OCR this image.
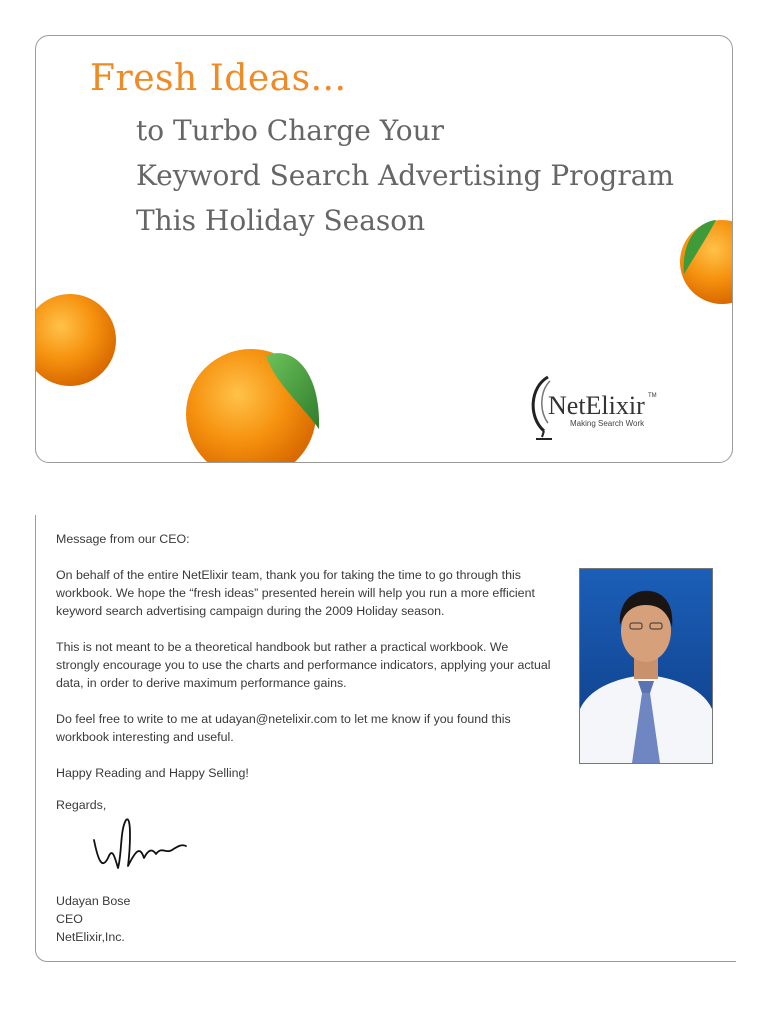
Fresh Ideas...
to Turbo Charge Your
Keyword Search Advertising Program
This Holiday Season
NetElixir TM
Making Search Work
Message from our CEO:
On behalf of the entire NetElixir team, thank you for taking the time to go through this workbook. We hope the “fresh ideas” presented herein will help you run a more efficient keyword search advertising campaign during the 2009 Holiday season.
This is not meant to be a theoretical handbook but rather a practical workbook. We strongly encourage you to use the charts and performance indicators, applying your actual data, in order to derive maximum performance gains.
Do feel free to write to me at udayan@netelixir.com to let me know if you found this workbook interesting and useful.
Happy Reading and Happy Selling!
Regards,
Udayan Bose
CEO
NetElixir,Inc.
